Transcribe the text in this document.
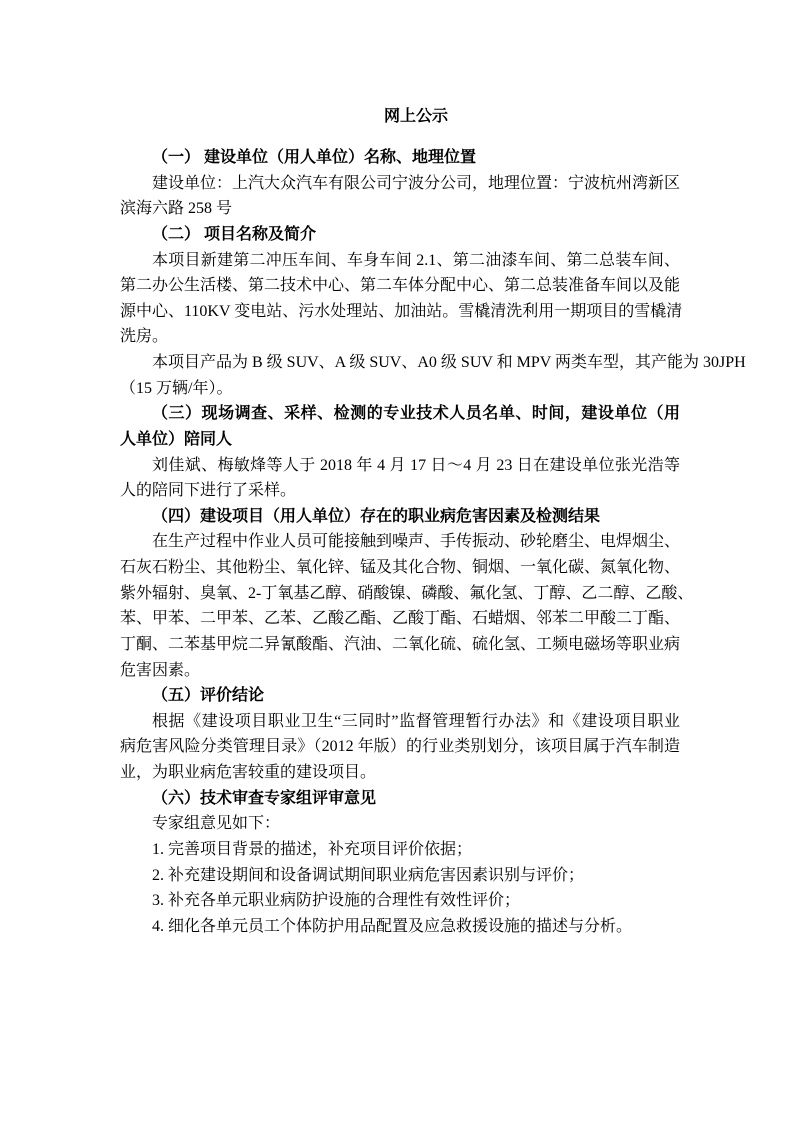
网上公示
（一） 建设单位（用人单位）名称、地理位置
建设单位：上汽大众汽车有限公司宁波分公司，地理位置：宁波杭州湾新区
滨海六路 258 号
（二） 项目名称及简介
本项目新建第二冲压车间、车身车间 2.1、第二油漆车间、第二总装车间、
第二办公生活楼、第二技术中心、第二车体分配中心、第二总装准备车间以及能
源中心、110KV 变电站、污水处理站、加油站。雪橇清洗利用一期项目的雪橇清
洗房。
本项目产品为 B 级 SUV、A 级 SUV、A0 级 SUV 和 MPV 两类车型，其产能为 30JPH
（15 万辆/年）。
（三）现场调查、采样、检测的专业技术人员名单、时间，建设单位（用
人单位）陪同人
刘佳斌、梅敏烽等人于 2018 年 4 月 17 日～4 月 23 日在建设单位张光浩等
人的陪同下进行了采样。
（四）建设项目（用人单位）存在的职业病危害因素及检测结果
在生产过程中作业人员可能接触到噪声、手传振动、砂轮磨尘、电焊烟尘、
石灰石粉尘、其他粉尘、氧化锌、锰及其化合物、铜烟、一氧化碳、氮氧化物、
紫外辐射、臭氧、2-丁氧基乙醇、硝酸镍、磷酸、氟化氢、丁醇、乙二醇、乙酸、
苯、甲苯、二甲苯、乙苯、乙酸乙酯、乙酸丁酯、石蜡烟、邻苯二甲酸二丁酯、
丁酮、二苯基甲烷二异氰酸酯、汽油、二氧化硫、硫化氢、工频电磁场等职业病
危害因素。
（五）评价结论
根据《建设项目职业卫生“三同时”监督管理暂行办法》和《建设项目职业
病危害风险分类管理目录》（2012 年版）的行业类别划分，该项目属于汽车制造
业，为职业病危害较重的建设项目。
（六）技术审查专家组评审意见
专家组意见如下：
1. 完善项目背景的描述，补充项目评价依据；
2. 补充建设期间和设备调试期间职业病危害因素识别与评价；
3. 补充各单元职业病防护设施的合理性有效性评价；
4. 细化各单元员工个体防护用品配置及应急救援设施的描述与分析。
